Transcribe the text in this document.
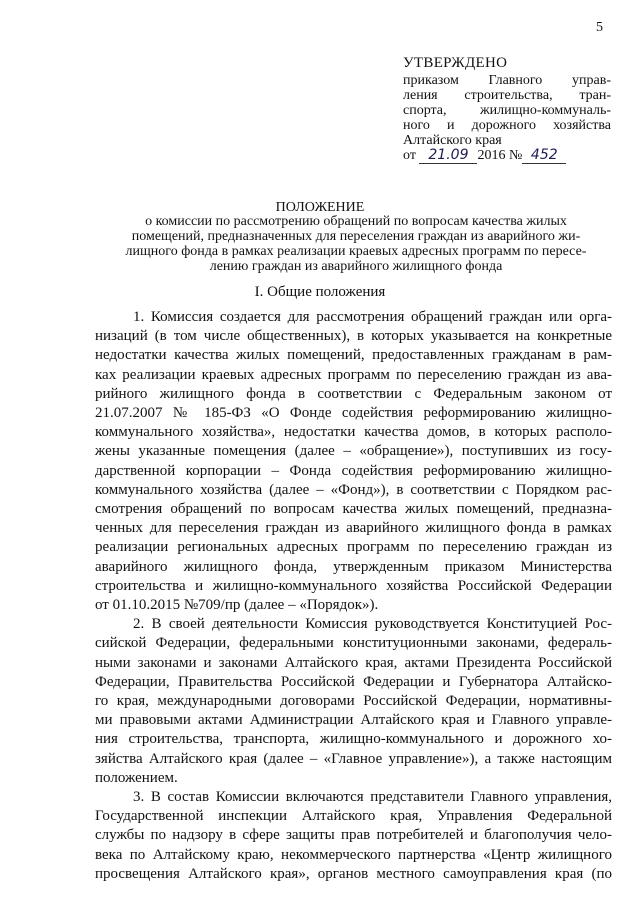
5
УТВЕРЖДЕНО
приказом Главного управ-
ления строительства, тран-
спорта, жилищно-коммуналь-
ного и дорожного хозяйства
Алтайского края
от 21.09 2016 № 452
ПОЛОЖЕНИЕ
о комиссии по рассмотрению обращений по вопросам качества жилых
помещений, предназначенных для переселения граждан из аварийного жи-
лищного фонда в рамках реализации краевых адресных программ по пересе-
лению граждан из аварийного жилищного фонда
I. Общие положения
1. Комиссия создается для рассмотрения обращений граждан или орга-
низаций (в том числе общественных), в которых указывается на конкретные
недостатки качества жилых помещений, предоставленных гражданам в рам-
ках реализации краевых адресных программ по переселению граждан из ава-
рийного жилищного фонда в соответствии с Федеральным законом от
21.07.2007 № 185-ФЗ «О Фонде содействия реформированию жилищно-
коммунального хозяйства», недостатки качества домов, в которых располо-
жены указанные помещения (далее – «обращение»), поступивших из госу-
дарственной корпорации – Фонда содействия реформированию жилищно-
коммунального хозяйства (далее – «Фонд»), в соответствии с Порядком рас-
смотрения обращений по вопросам качества жилых помещений, предназна-
ченных для переселения граждан из аварийного жилищного фонда в рамках
реализации региональных адресных программ по переселению граждан из
аварийного жилищного фонда, утвержденным приказом Министерства
строительства и жилищно-коммунального хозяйства Российской Федерации
от 01.10.2015 №709/пр (далее – «Порядок»).
2. В своей деятельности Комиссия руководствуется Конституцией Рос-
сийской Федерации, федеральными конституционными законами, федераль-
ными законами и законами Алтайского края, актами Президента Российской
Федерации, Правительства Российской Федерации и Губернатора Алтайско-
го края, международными договорами Российской Федерации, нормативны-
ми правовыми актами Администрации Алтайского края и Главного управле-
ния строительства, транспорта, жилищно-коммунального и дорожного хо-
зяйства Алтайского края (далее – «Главное управление»), а также настоящим
положением.
3. В состав Комиссии включаются представители Главного управления,
Государственной инспекции Алтайского края, Управления Федеральной
службы по надзору в сфере защиты прав потребителей и благополучия чело-
века по Алтайскому краю, некоммерческого партнерства «Центр жилищного
просвещения Алтайского края», органов местного самоуправления края (по
